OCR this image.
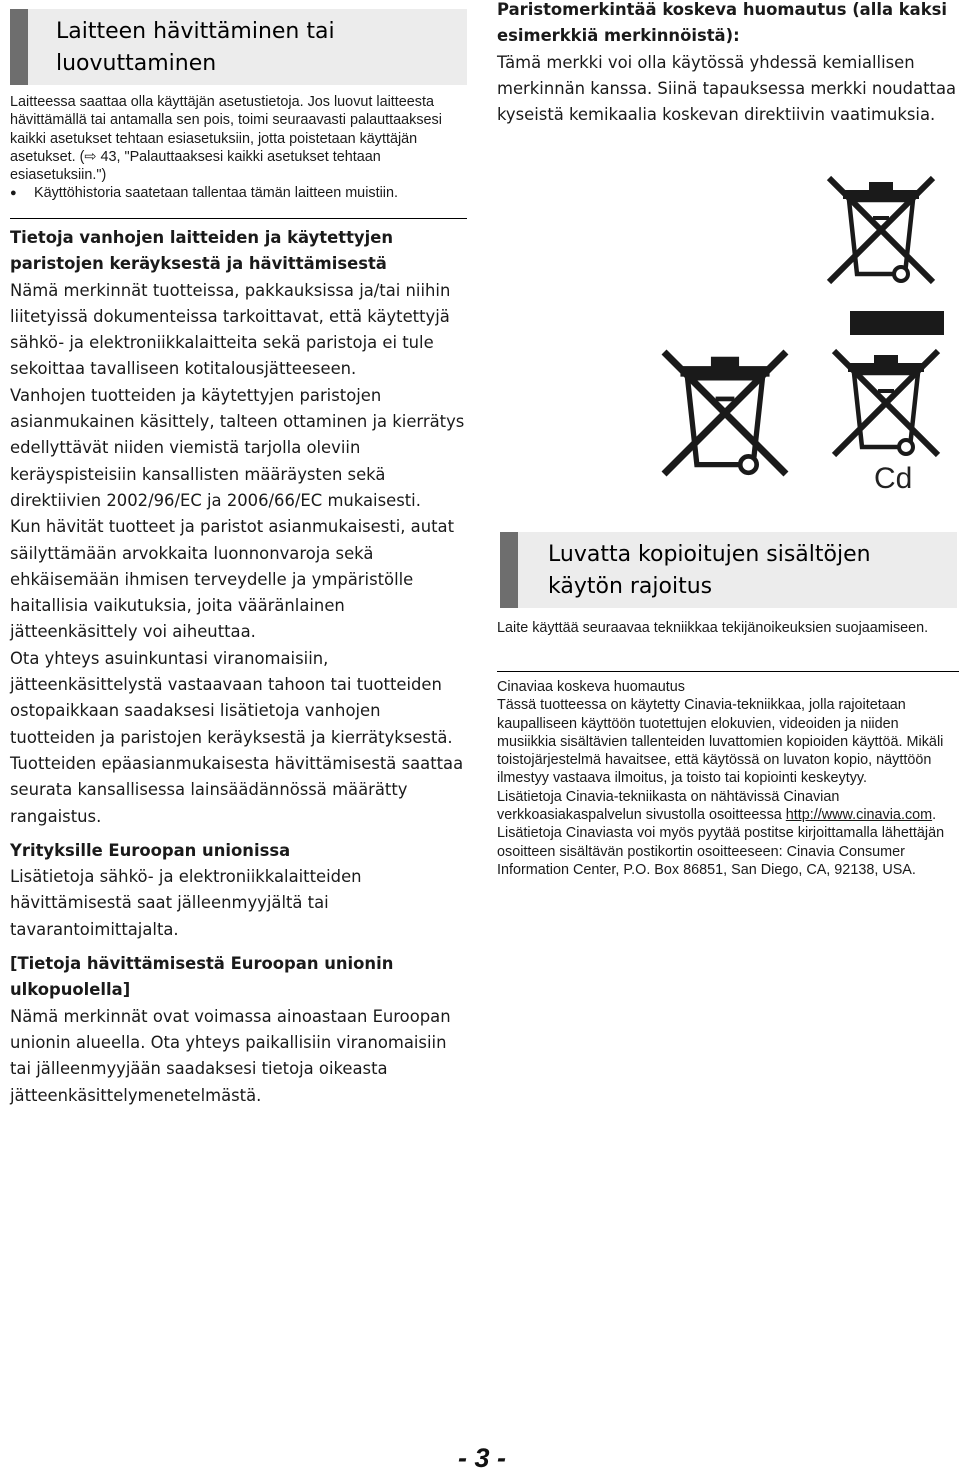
Laitteen hävittäminen tai
luovuttaminen
Laitteessa saattaa olla käyttäjän asetustietoja. Jos luovut laitteesta hävittämällä tai antamalla sen pois, toimi seuraavasti palauttaaksesi kaikki asetukset tehtaan esiasetuksiin, jotta poistetaan käyttäjän asetukset. (⇨ 43, "Palauttaaksesi kaikki asetukset tehtaan esiasetuksiin.")
●	Käyttöhistoria saatetaan tallentaa tämän laitteen muistiin.

Tietoja vanhojen laitteiden ja käytettyjen paristojen keräyksestä ja hävittämisestä

Nämä merkinnät tuotteissa, pakkauksissa ja/tai niihin liitetyissä dokumenteissa tarkoittavat, että käytettyjä sähkö- ja elektroniikkalaitteita sekä paristoja ei tule sekoittaa tavalliseen kotitalousjätteeseen.

Vanhojen tuotteiden ja käytettyjen paristojen asianmukainen käsittely, talteen ottaminen ja kierrätys edellyttävät niiden viemistä tarjolla oleviin keräyspisteisiin kansallisten määräysten sekä direktiivien 2002/96/EC ja 2006/66/EC mukaisesti.

Kun hävität tuotteet ja paristot asianmukaisesti, autat säilyttämään arvokkaita luonnonvaroja sekä ehkäisemään ihmisen terveydelle ja ympäristölle haitallisia vaikutuksia, joita vääränlainen jätteenkäsittely voi aiheuttaa.

Ota yhteys asuinkuntasi viranomaisiin, jätteenkäsittelystä vastaavaan tahoon tai tuotteiden ostopaikkaan saadaksesi lisätietoja vanhojen tuotteiden ja paristojen keräyksestä ja kierrätyksestä.

Tuotteiden epäasianmukaisesta hävittämisestä saattaa seurata kansallisessa lainsäädännössä määrätty rangaistus.

Yrityksille Euroopan unionissa

Lisätietoja sähkö- ja elektroniikkalaitteiden hävittämisestä saat jälleenmyyjältä tai tavarantoimittajalta.

[Tietoja hävittämisestä Euroopan unionin ulkopuolella]

Nämä merkinnät ovat voimassa ainoastaan Euroopan unionin alueella. Ota yhteys paikallisiin viranomaisiin tai jälleenmyyjään saadaksesi tietoja oikeasta jätteenkäsittelymenetelmästä.

Paristomerkintää koskeva huomautus (alla kaksi esimerkkiä merkinnöistä):

Tämä merkki voi olla käytössä yhdessä kemiallisen merkinnän kanssa. Siinä tapauksessa merkki noudattaa kyseistä kemikaalia koskevan direktiivin vaatimuksia.

Cd
Luvatta kopioitujen sisältöjen
käytön rajoitus
Laite käyttää seuraavaa tekniikkaa tekijänoikeuksien suojaamiseen.
Cinaviaa koskeva huomautus
Tässä tuotteessa on käytetty Cinavia-tekniikkaa, jolla rajoitetaan kaupalliseen käyttöön tuotettujen elokuvien, videoiden ja niiden musiikkia sisältävien tallenteiden luvattomien kopioiden käyttöä. Mikäli toistojärjestelmä havaitsee, että käytössä on luvaton kopio, näyttöön ilmestyy vastaava ilmoitus, ja toisto tai kopiointi keskeytyy.
Lisätietoja Cinavia-tekniikasta on nähtävissä Cinavian verkkoasiakaspalvelun sivustolla osoitteessa http://www.cinavia.com. Lisätietoja Cinaviasta voi myös pyytää postitse kirjoittamalla lähettäjän osoitteen sisältävän postikortin osoitteeseen: Cinavia Consumer Information Center, P.O. Box 86851, San Diego, CA, 92138, USA.
- 3 -
